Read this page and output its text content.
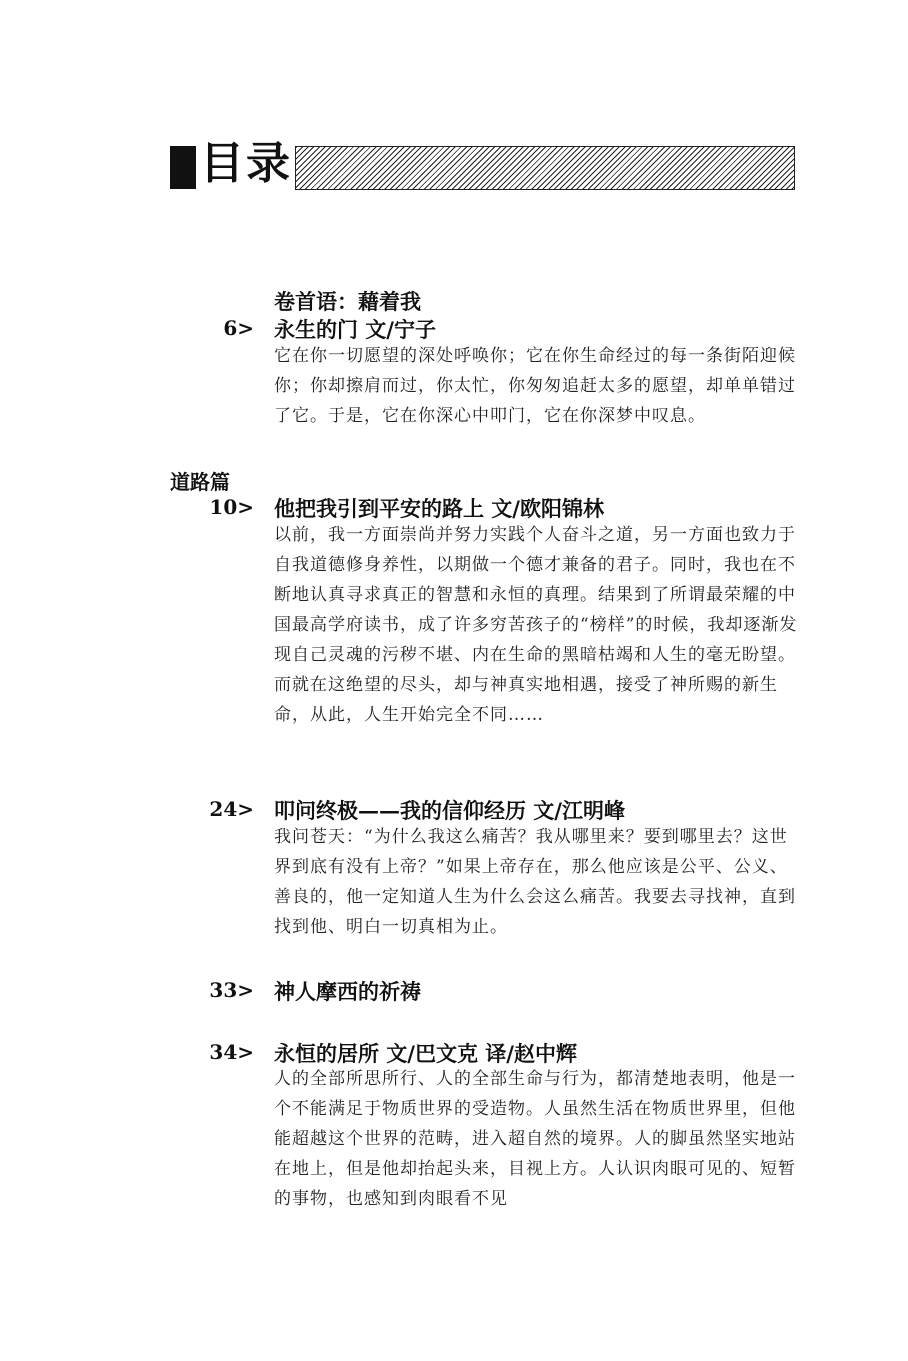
目录
卷首语：藉着我
6> 永生的门 文/宁子
它在你一切愿望的深处呼唤你；它在你生命经过的每一条街陌迎候你；你却擦肩而过，你太忙，你匆匆追赶太多的愿望，却单单错过了它。于是，它在你深心中叩门，它在你深梦中叹息。
道路篇
10> 他把我引到平安的路上 文/欧阳锦林
以前，我一方面崇尚并努力实践个人奋斗之道，另一方面也致力于自我道德修身养性，以期做一个德才兼备的君子。同时，我也在不断地认真寻求真正的智慧和永恒的真理。结果到了所谓最荣耀的中国最高学府读书，成了许多穷苦孩子的“榜样”的时候，我却逐渐发现自己灵魂的污秽不堪、内在生命的黑暗枯竭和人生的毫无盼望。而就在这绝望的尽头，却与神真实地相遇，接受了神所赐的新生命，从此，人生开始完全不同……
24> 叩问终极——我的信仰经历 文/江明峰
我问苍天：“为什么我这么痛苦？我从哪里来？要到哪里去？这世界到底有没有上帝？”如果上帝存在，那么他应该是公平、公义、善良的，他一定知道人生为什么会这么痛苦。我要去寻找神，直到找到他、明白一切真相为止。
33> 神人摩西的祈祷
34> 永恒的居所 文/巴文克 译/赵中辉
人的全部所思所行、人的全部生命与行为，都清楚地表明，他是一个不能满足于物质世界的受造物。人虽然生活在物质世界里，但他能超越这个世界的范畴，进入超自然的境界。人的脚虽然坚实地站在地上，但是他却抬起头来，目视上方。人认识肉眼可见的、短暂的事物，也感知到肉眼看不见
